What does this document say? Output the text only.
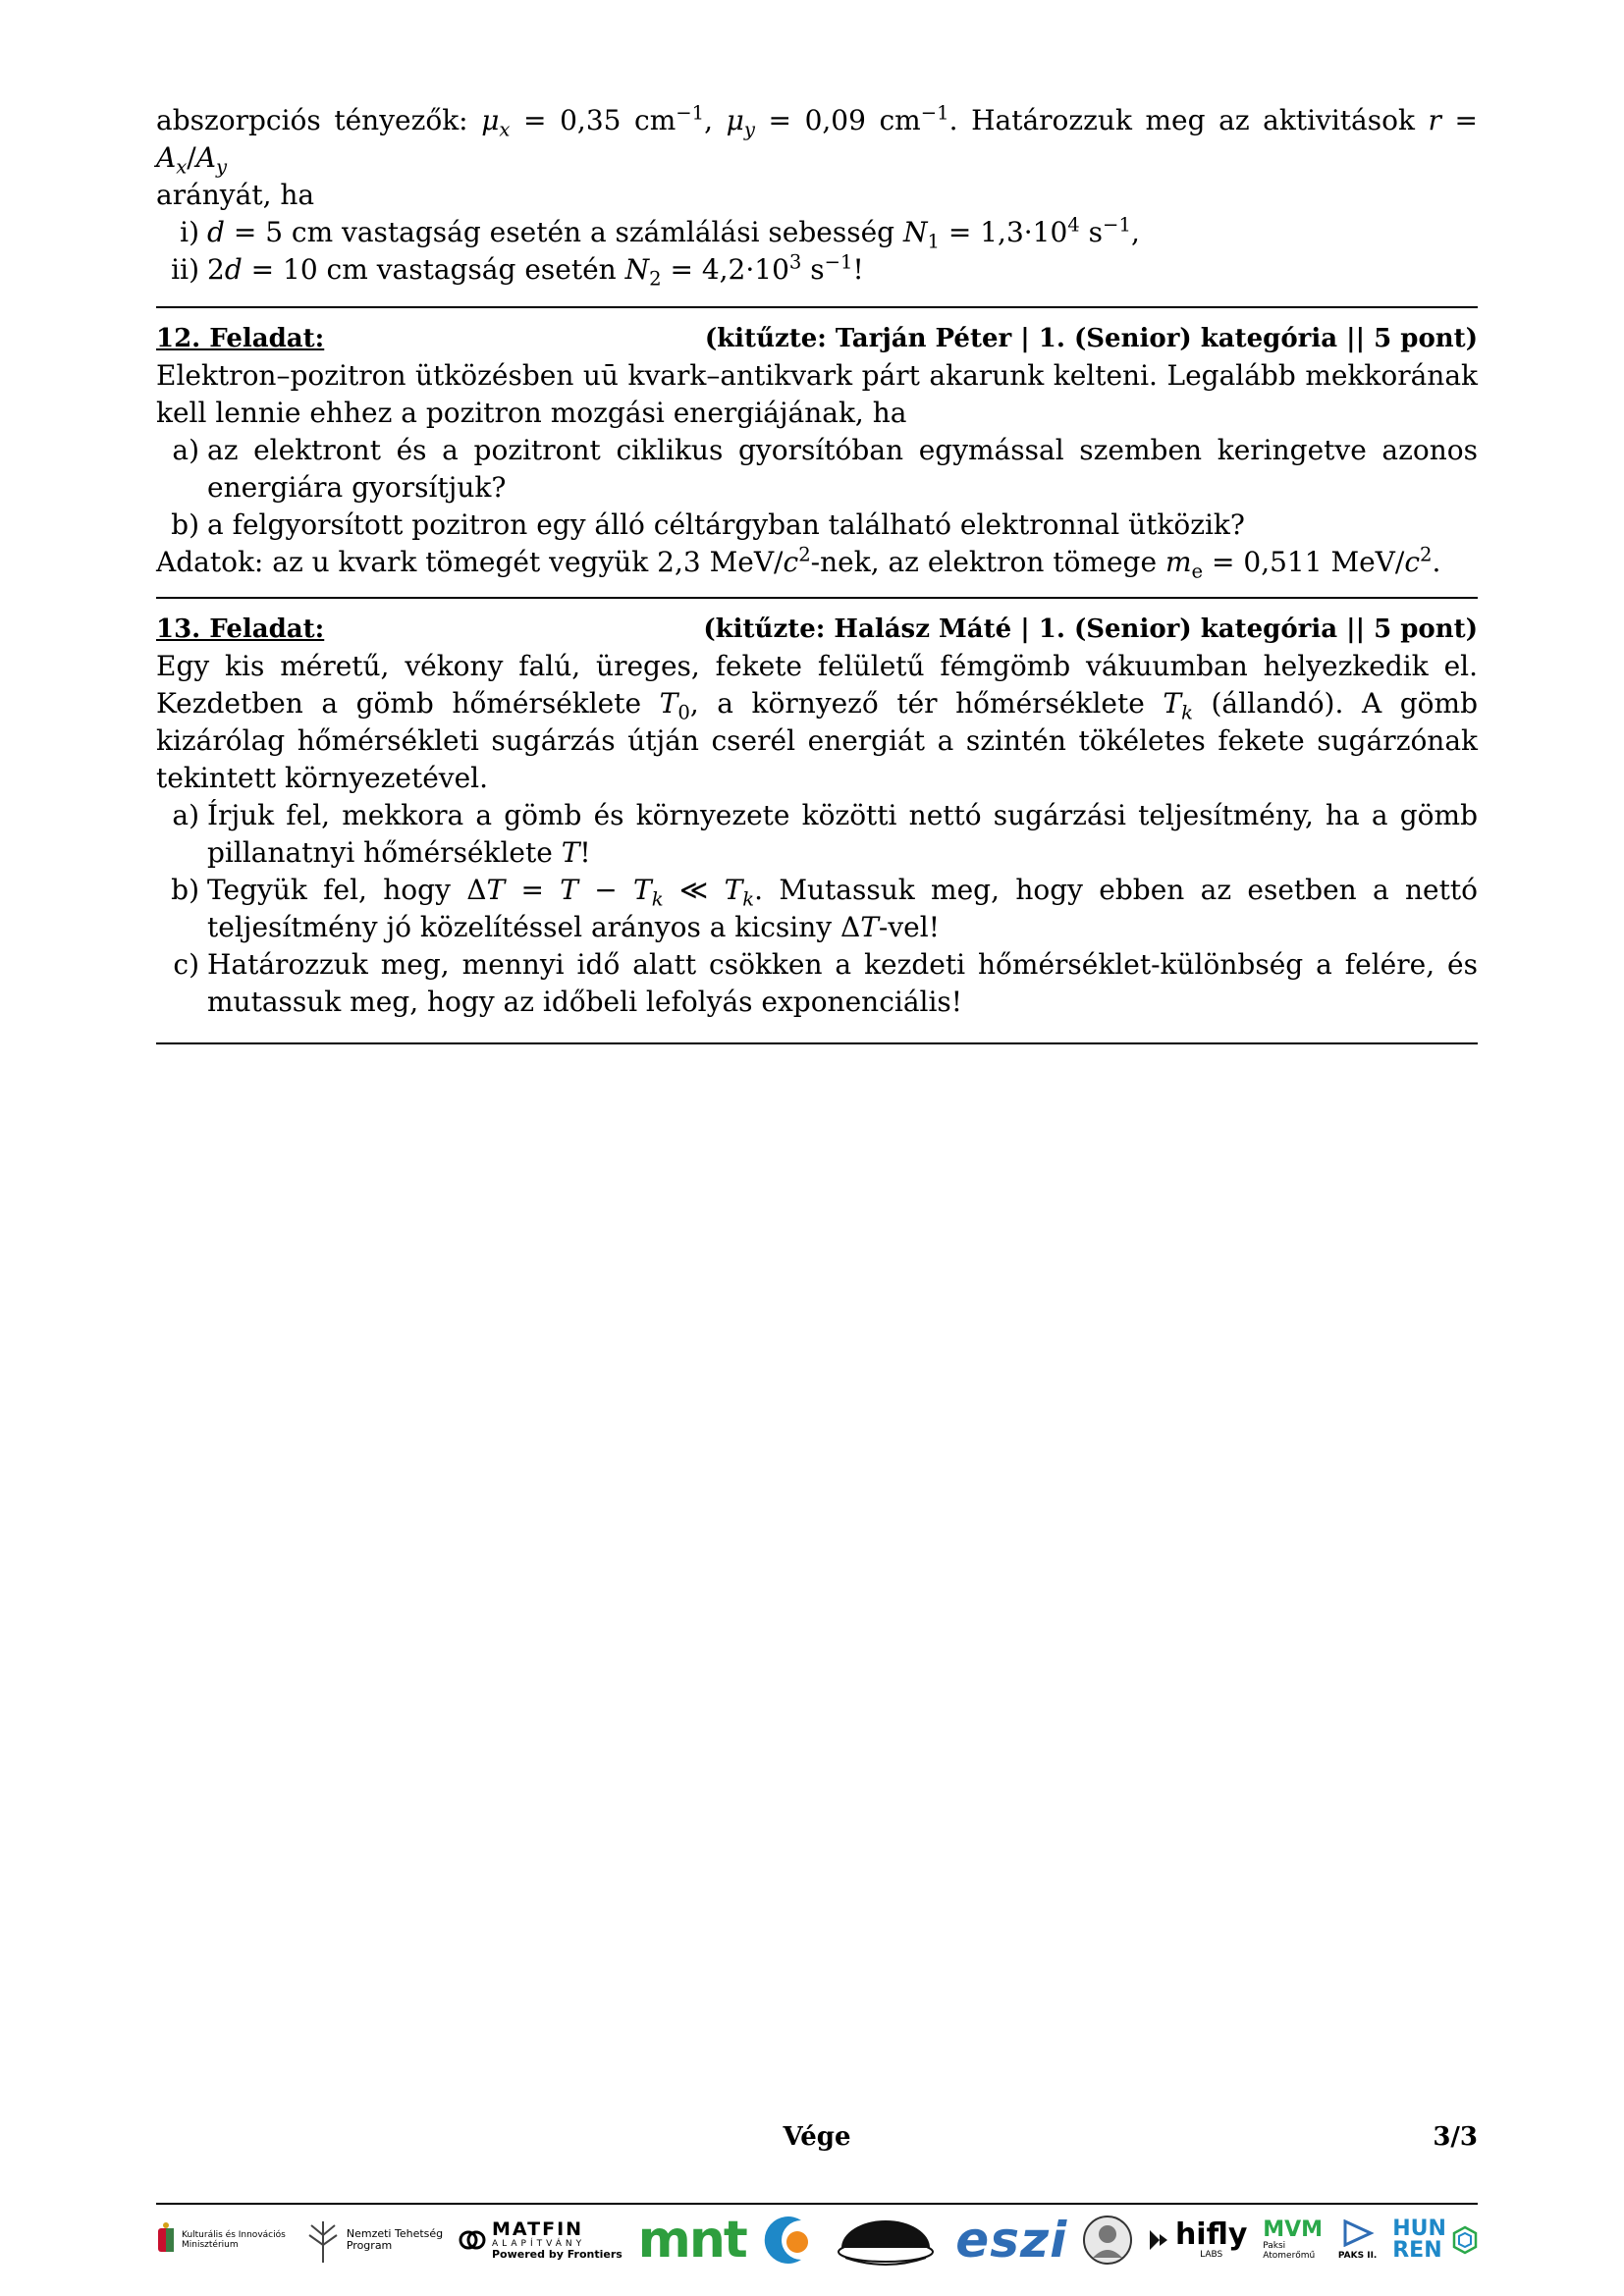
abszorpciós tényezők: $\mu_x = 0,35$ $cm^{-1}$, $\mu_y = 0,09$ $cm^{-1}$. Határozzuk meg az aktivitások $r = A_x/A_y$
arányát, ha

i) d = 5 cm vastagság esetén a számlálási sebesség $N_1 = 1,3\cdot 10^4$ $s^{-1}$,
ii) 2d = 10 cm vastagság esetén $N_2 = 4,2\cdot 10^3$ $s^{-1}$!
12. Feladat:	(kitűzte: Tarján Péter | 1. (Senior) kategória || 5 pont)

Elektron–pozitron ütközésben uū kvark–antikvark párt akarunk kelteni. Legalább mekkorának kell lennie ehhez a pozitron mozgási energiájának, ha

a) az elektront és a pozitront ciklikus gyorsítóban egymással szemben keringetve azonos energiára gyorsítjuk?
b) a felgyorsított pozitron egy álló céltárgyban található elektronnal ütközik?

Adatok: az u kvark tömegét vegyük 2,3 MeV/$c^2$-nek, az elektron tömege $m_e = 0,511$ MeV/$c^2$.

13. Feladat:	(kitűzte: Halász Máté | 1. (Senior) kategória || 5 pont)

Egy kis méretű, vékony falú, üreges, fekete felületű fémgömb vákuumban helyezkedik el. Kezdetben a gömb hőmérséklete $T_0$, a környező tér hőmérséklete $T_k$ (állandó). A gömb kizárólag hőmérsékleti sugárzás útján cserél energiát a szintén tökéletes fekete sugárzónak tekintett környezetével.

a) Írjuk fel, mekkora a gömb és környezete közötti nettó sugárzási teljesítmény, ha a gömb pillanatnyi hőmérséklete T!
b) Tegyük fel, hogy $\Delta T = T - T_k$ ≪ $T_k$. Mutassuk meg, hogy ebben az esetben a nettó teljesítmény jó közelítéssel arányos a kicsiny ΔT-vel!
c) Határozzuk meg, mennyi idő alatt csökken a kezdeti hőmérséklet-különbség a felére, és mutassuk meg, hogy az időbeli lefolyás exponenciális!
Vége	3/3
Kulturális és Innovációs Minisztérium
Nemzeti Tehetség
Program
MATFIN
ALAPÍTVÁNY
Powered by Frontiers mnt	eszi	hifly
LABS
MVM
Paksi Atomerőmű	PAKS II.
HUN
REN
